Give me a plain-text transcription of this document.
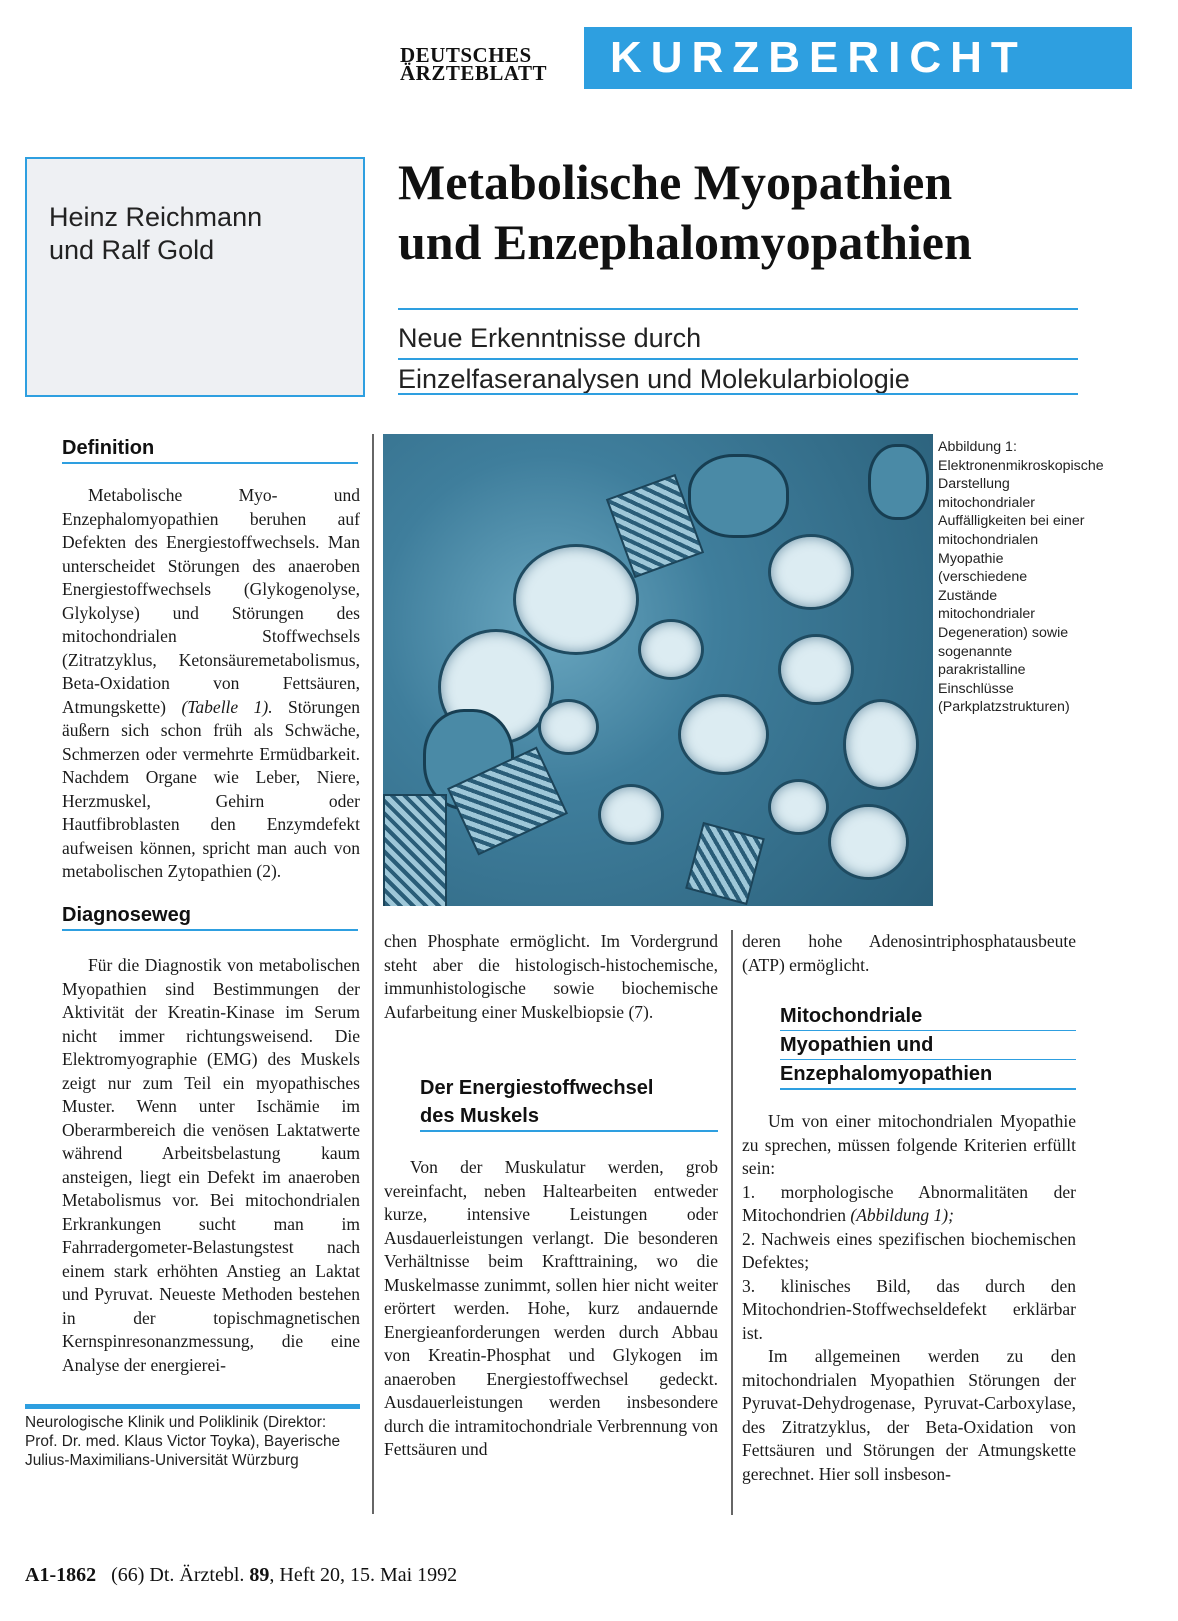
DEUTSCHES
ÄRZTEBLATT	KURZBERICHT
Heinz Reichmann
und Ralf Gold
Metabolische Myopathien
und Enzephalomyopathien
Neue Erkenntnisse durch
Einzelfaseranalysen und Molekularbiologie
Definition

Metabolische Myo- und Enzephalomyopathien beruhen auf Defekten des Energiestoffwechsels. Man unterscheidet Störungen des anaeroben Energiestoffwechsels (Glykogenolyse, Glykolyse) und Störungen des mitochondrialen Stoffwechsels (Zitratzyklus, Ketonsäuremetabolismus, Beta-Oxidation von Fettsäuren, Atmungskette) (Tabelle 1). Störungen äußern sich schon früh als Schwäche, Schmerzen oder vermehrte Ermüdbarkeit. Nachdem Organe wie Leber, Niere, Herzmuskel, Gehirn oder Hautfibroblasten den Enzymdefekt aufweisen können, spricht man auch von metabolischen Zytopathien (2).

Diagnoseweg

Für die Diagnostik von metabolischen Myopathien sind Bestimmungen der Aktivität der Kreatin-Kinase im Serum nicht immer richtungsweisend. Die Elektromyographie (EMG) des Muskels zeigt nur zum Teil ein myopathisches Muster. Wenn unter Ischämie im Oberarmbereich die venösen Laktatwerte während Arbeitsbelastung kaum ansteigen, liegt ein Defekt im anaeroben Metabolismus vor. Bei mitochondrialen Erkrankungen sucht man im Fahrradergometer-Belastungstest nach einem stark erhöhten Anstieg an Laktat und Pyruvat. Neueste Methoden bestehen in der topischmagnetischen Kernspinresonanzmessung, die eine Analyse der energierei-

Neurologische Klinik und Poliklinik (Direktor: Prof. Dr. med. Klaus Victor Toyka), Bayerische Julius-Maximilians-Universität Würzburg
Abbildung 1: Elektronenmikroskopische Darstellung mitochondrialer Auffälligkeiten bei einer mitochondrialen Myopathie (verschiedene Zustände mitochondrialer Degeneration) sowie sogenannte parakristalline Einschlüsse (Parkplatzstrukturen)

chen Phosphate ermöglicht. Im Vordergrund steht aber die histologisch-histochemische, immunhistologische sowie biochemische Aufarbeitung einer Muskelbiopsie (7).

Der Energiestoffwechsel
des Muskels

Von der Muskulatur werden, grob vereinfacht, neben Haltearbeiten entweder kurze, intensive Leistungen oder Ausdauerleistungen verlangt. Die besonderen Verhältnisse beim Krafttraining, wo die Muskelmasse zunimmt, sollen hier nicht weiter erörtert werden. Hohe, kurz andauernde Energieanforderungen werden durch Abbau von Kreatin-Phosphat und Glykogen im anaeroben Energiestoffwechsel gedeckt. Ausdauerleistungen werden insbesondere durch die intramitochondriale Verbrennung von Fettsäuren und

deren hohe Adenosintriphosphatausbeute (ATP) ermöglicht.

Mitochondriale
Myopathien und
Enzephalomyopathien

Um von einer mitochondrialen Myopathie zu sprechen, müssen folgende Kriterien erfüllt sein:

1. morphologische Abnormalitäten der Mitochondrien (Abbildung 1);

2. Nachweis eines spezifischen biochemischen Defektes;

3. klinisches Bild, das durch den Mitochondrien-Stoffwechseldefekt erklärbar ist.

Im allgemeinen werden zu den mitochondrialen Myopathien Störungen der Pyruvat-Dehydrogenase, Pyruvat-Carboxylase, des Zitratzyklus, der Beta-Oxidation von Fettsäuren und Störungen der Atmungskette gerechnet. Hier soll insbeson-

A1-1862 (66) Dt. Ärztebl. 89, Heft 20, 15. Mai 1992
